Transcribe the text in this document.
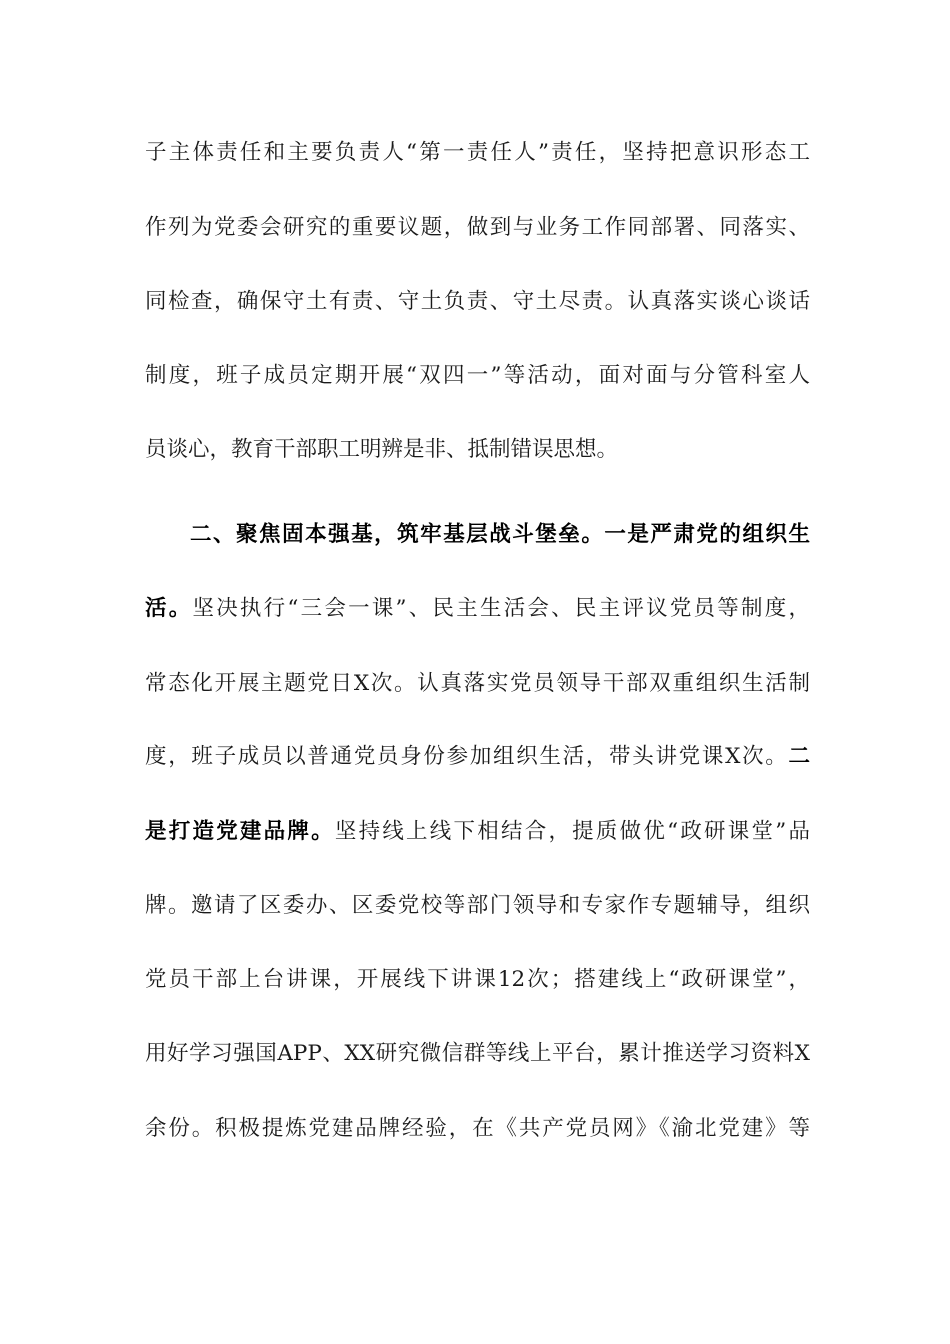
子主体责任和主要负责人“第一责任人”责任，坚持把意识形态工
作列为党委会研究的重要议题，做到与业务工作同部署、同落实、
同检查，确保守土有责、守土负责、守土尽责。认真落实谈心谈话
制度，班子成员定期开展“双四一”等活动，面对面与分管科室人
员谈心，教育干部职工明辨是非、抵制错误思想。
二、聚焦固本强基，筑牢基层战斗堡垒。一是严肃党的组织生
活。坚决执行“三会一课”、民主生活会、民主评议党员等制度，
常态化开展主题党日X次。认真落实党员领导干部双重组织生活制
度，班子成员以普通党员身份参加组织生活，带头讲党课X次。二
是打造党建品牌。坚持线上线下相结合，提质做优“政研课堂”品
牌。邀请了区委办、区委党校等部门领导和专家作专题辅导，组织
党员干部上台讲课，开展线下讲课12次；搭建线上“政研课堂”，
用好学习强国APP、XX研究微信群等线上平台，累计推送学习资料X
余份。积极提炼党建品牌经验，在《共产党员网》《渝北党建》等
